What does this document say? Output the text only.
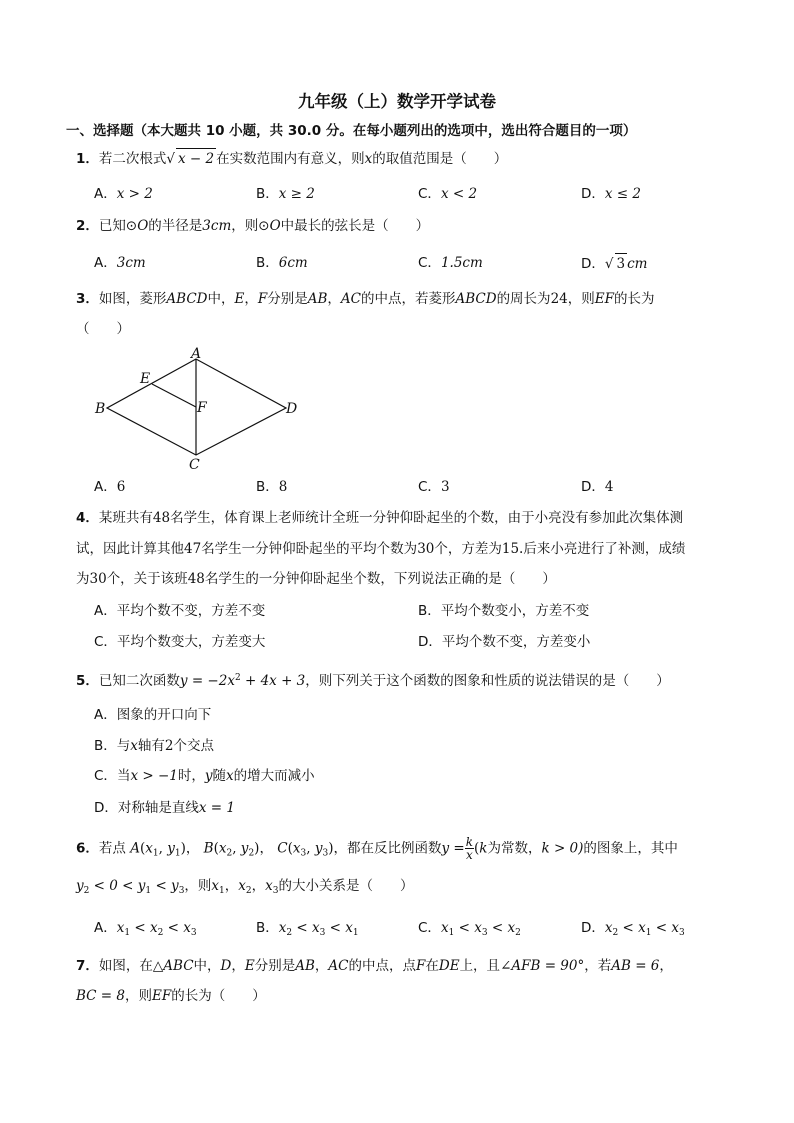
九年级（上）数学开学试卷
一、选择题（本大题共 10 小题，共 30.0 分。在每小题列出的选项中，选出符合题目的一项）
1．若二次根式√ x − 2 在实数范围内有意义，则x的取值范围是（　　）
A．x > 2	B．x ≥ 2	C．x < 2	D．x ≤ 2
2．已知⊙O的半径是3cm，则⊙O中最长的弦长是（　　）
A．3cm	B．6cm	C．1.5cm	D．√ 3 cm
3．如图，菱形ABCD中，E，F分别是AB，AC的中点，若菱形ABCD的周长为24，则EF的长为
（　　）
A
B
C
D
E
F
A．6	B．8	C．3	D．4
4．某班共有48名学生，体育课上老师统计全班一分钟仰卧起坐的个数，由于小亮没有参加此次集体测
试，因此计算其他47名学生一分钟仰卧起坐的平均个数为30个，方差为15.后来小亮进行了补测，成绩
为30个，关于该班48名学生的一分钟仰卧起坐个数，下列说法正确的是（　　）
A．平均个数不变，方差不变	B．平均个数变小，方差不变
C．平均个数变大，方差变大	D．平均个数不变，方差变小
5．已知二次函数$y = -2x^2 + 4x + 3$，则下列关于这个函数的图象和性质的说法错误的是（　　）
A．图象的开口向下
B．与x轴有2个交点
C．当x > −1时，y随x的增大而减小
D．对称轴是直线x = 1
6．若点 $A(x_1$, $y_1$)， $B(x_2$, $y_2$)， $C(x_3$, $y_3$)，都在反比例函数$y = \frac{k}{x} (k$为常数，k > 0)的图象上，其中
$y_2 < 0 < y_1 < y_3$，则$x_1$，$x_2$，$x_3$的大小关系是（　　）
A．$x_1 < x_2 < x_3$	B．$x_2 < x_3 < x_1$	C．$x_1 < x_3 < x_2$	D．$x_2 < x_1 < x_3$
7．如图，在△ABC中，D，E分别是AB，AC的中点，点F在DE上，且∠AFB = 90°，若AB = 6，
BC = 8，则EF的长为（　　）
